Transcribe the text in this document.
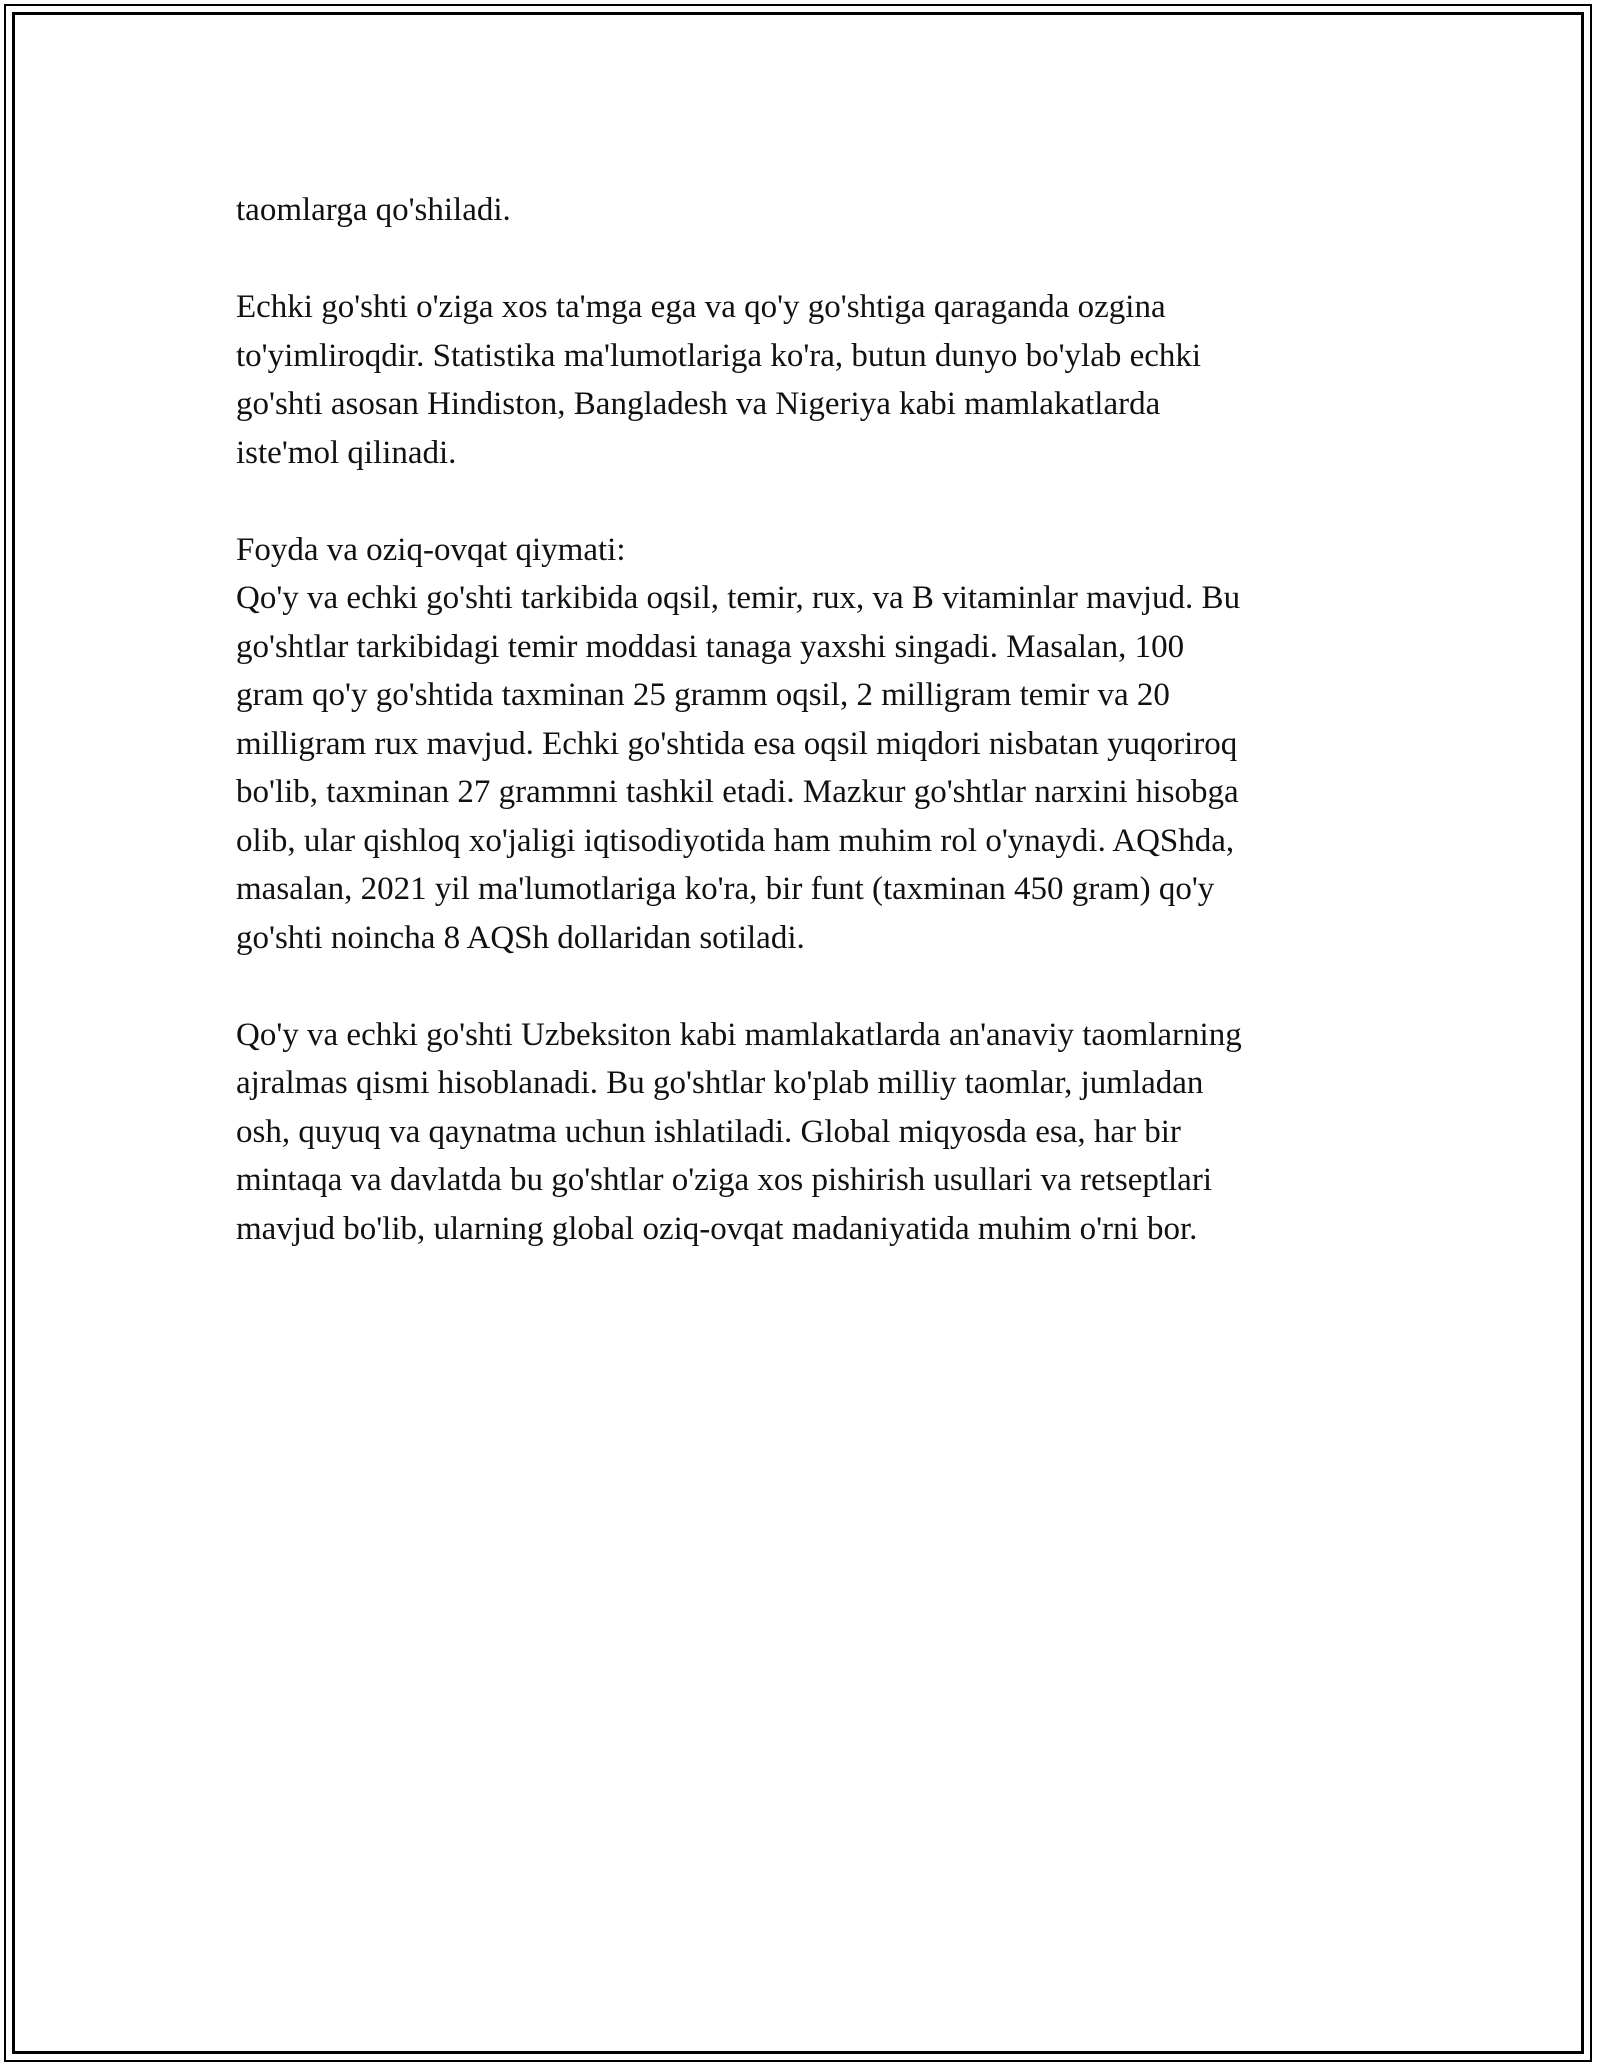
taomlarga qo'shiladi.

Echki go'shti o'ziga xos ta'mga ega va qo'y go'shtiga qaraganda ozgina
to'yimliroqdir. Statistika ma'lumotlariga ko'ra, butun dunyo bo'ylab echki
go'shti asosan Hindiston, Bangladesh va Nigeriya kabi mamlakatlarda
iste'mol qilinadi.

Foyda va oziq-ovqat qiymati:

Qo'y va echki go'shti tarkibida oqsil, temir, rux, va B vitaminlar mavjud. Bu
go'shtlar tarkibidagi temir moddasi tanaga yaxshi singadi. Masalan, 100
gram qo'y go'shtida taxminan 25 gramm oqsil, 2 milligram temir va 20
milligram rux mavjud. Echki go'shtida esa oqsil miqdori nisbatan yuqoriroq
bo'lib, taxminan 27 grammni tashkil etadi. Mazkur go'shtlar narxini hisobga
olib, ular qishloq xo'jaligi iqtisodiyotida ham muhim rol o'ynaydi. AQShda,
masalan, 2021 yil ma'lumotlariga ko'ra, bir funt (taxminan 450 gram) qo'y
go'shti noincha 8 AQSh dollaridan sotiladi.

Qo'y va echki go'shti Uzbeksiton kabi mamlakatlarda an'anaviy taomlarning
ajralmas qismi hisoblanadi. Bu go'shtlar ko'plab milliy taomlar, jumladan
osh, quyuq va qaynatma uchun ishlatiladi. Global miqyosda esa, har bir
mintaqa va davlatda bu go'shtlar o'ziga xos pishirish usullari va retseptlari
mavjud bo'lib, ularning global oziq-ovqat madaniyatida muhim o'rni bor.
